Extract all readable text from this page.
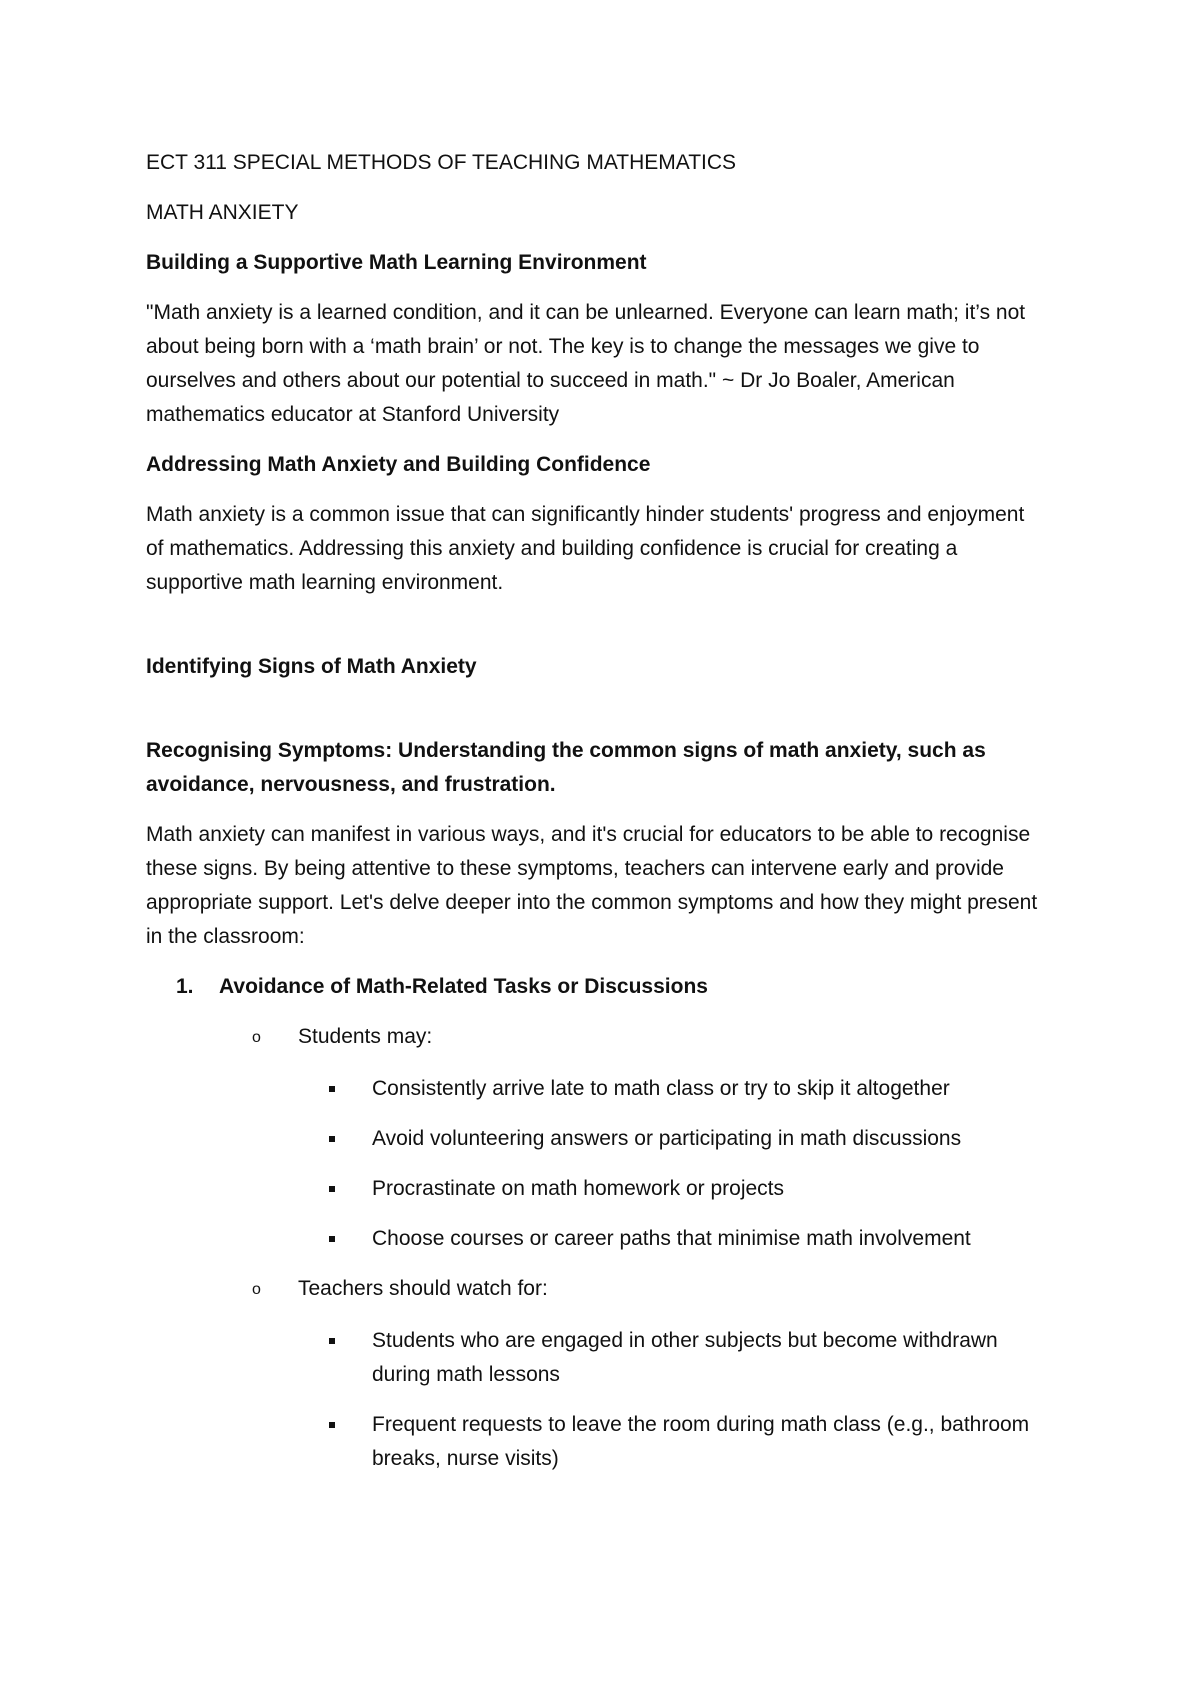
ECT 311 SPECIAL METHODS OF TEACHING MATHEMATICS

MATH ANXIETY

Building a Supportive Math Learning Environment

"Math anxiety is a learned condition, and it can be unlearned. Everyone can learn math; it’s not about being born with a ‘math brain’ or not. The key is to change the messages we give to ourselves and others about our potential to succeed in math." ~ Dr Jo Boaler, American mathematics educator at Stanford University

Addressing Math Anxiety and Building Confidence

Math anxiety is a common issue that can significantly hinder students' progress and enjoyment of mathematics. Addressing this anxiety and building confidence is crucial for creating a supportive math learning environment.

Identifying Signs of Math Anxiety

Recognising Symptoms: Understanding the common signs of math anxiety, such as avoidance, nervousness, and frustration.

Math anxiety can manifest in various ways, and it's crucial for educators to be able to recognise these signs. By being attentive to these symptoms, teachers can intervene early and provide appropriate support. Let's delve deeper into the common symptoms and how they might present in the classroom:

1.	Avoidance of Math-Related Tasks or Discussions
o	Students may:
Consistently arrive late to math class or try to skip it altogether
Avoid volunteering answers or participating in math discussions
Procrastinate on math homework or projects
Choose courses or career paths that minimise math involvement
o	Teachers should watch for:
Students who are engaged in other subjects but become withdrawn during math lessons
Frequent requests to leave the room during math class (e.g., bathroom breaks, nurse visits)
